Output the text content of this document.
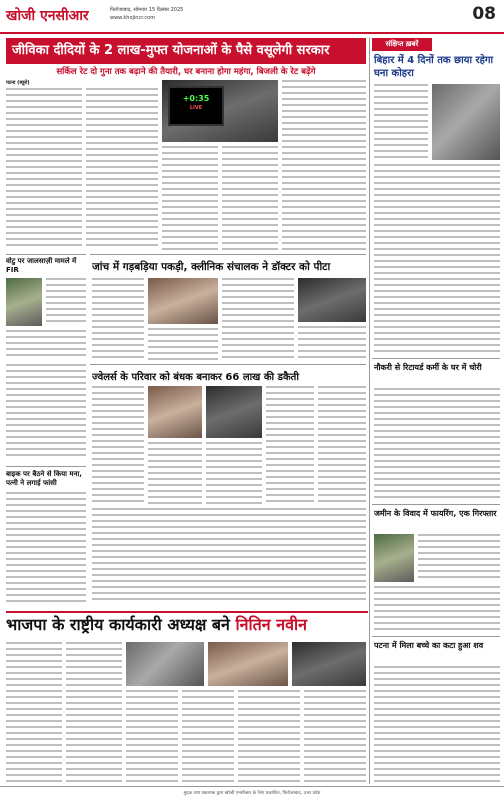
खोजी एनसीआर	फिरोजाबाद, सोमवार 15 दिसंबर 2025
www.khojincr.com	08
जीविका दीदियों के 2 लाख-मुफ्त योजनाओं के पैसे वसूलेगी सरकार
सर्किल रेट दो गुना तक बढ़ाने की तैयारी, घर बनाना होगा महंगा, बिजली के रेट बढ़ेंगे
पटना (ब्यूरो)
+0:35
LIVE
वोटु पर जालसाज़ी मामले में FIR	जांच में गड़बड़िया पकड़ी, क्लीनिक संचालक ने डॉक्टर को पीटा
ज्वेलर्स के परिवार को बंधक बनाकर 66 लाख की डकैती
बाइक पर बैठने से किया मना, पत्नी ने लगाई फांसी
भाजपा के राष्ट्रीय कार्यकारी अध्यक्ष बने नितिन नवीन
संक्षिप्त ख़बरें
बिहार में 4 दिनों तक छाया रहेगा घना कोहरा
नौकरी से रिटायर्ड कर्मी के घर में चोरी
जमीन के विवाद में फायरिंग, एक गिरफ्तार
पटना में मिला बच्चे का कटा हुआ शव
मुद्रक तथा प्रकाशक द्वारा खोजी एनसीआर के लिए प्रकाशित, फिरोजाबाद, उत्तर प्रदेश
